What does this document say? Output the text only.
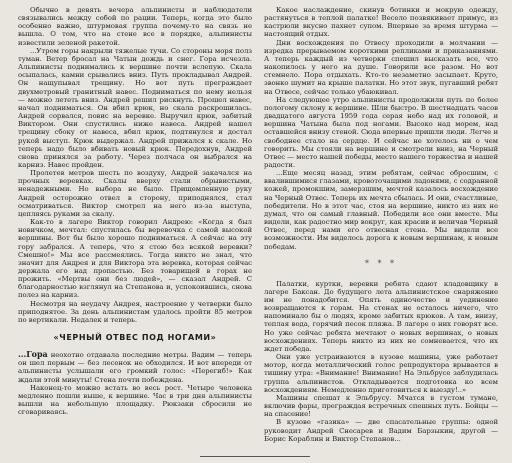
Обычно в девять вечера альпинисты и наблюдатели связывались между собой по рации. Теперь, когда это было особенно важно, штурмовая группа почему-то на связь не вышла. О том, что на стене все в порядке, альпинисты известили зеленой ракетой.

...Утром горы накрыли тяжелые тучи. Со стороны моря полз туман. Ветер бросал на Чатын дождь и снег. Гора исчезла. Альпинисты поднимались к вершине почти вслепую. Скала осыпалась, камни срывались вниз. Путь прокладывал Андрей. Он нащупывал трещину. Но вот путь преграждает двухметровый гранитный навес. Подниматься по нему нельзя — можно лететь вниз. Андрей решил рискнуть. Прошел навес, начал подниматься. Он вбил крюк, но скала раскрошилась. Андрей сорвался, повис на веревке. Выручил крюк, забитый Виктором. Они спустились ниже навеса. Андрей нашел трещину сбоку от навеса, вбил крюк, подтянулся и достал рукой выступ. Крюк выдержал. Андрей прижался к скале. Но теперь надо было вбивать новый крюк. Передохнув, Андрей снова принялся за работу. Через полчаса он выбрался на карниз. Навес пройден.

Пролетев метров шесть по воздуху, Андрей закачался на прочных веревках. Скалы вверху стали обрывистыми, ненадежными. Но выбора не было. Прищемленную руку Андрей осторожно отвел в сторону, приподнялся, стал осматриваться. Виктор смотрел на него из-за выступа, цепляясь руками за скалу.

Как-то в лагере Виктор говорил Андрею: «Когда я был новичком, мечтал: спустилась бы веревочка с самой высокой вершины. Вот бы было хорошо подниматься. А сейчас на эту гору забрался. А теперь, что я стою без всякой веревки? Смешно!» Мы все рассмеялись. Тогда никто не знал, что значит для Андрея и для Виктора эта веревка, которая сейчас держала его над пропастью. Без товарищей в горах не прожить. «Мертвы они без людей», — сказал Андрей. С благодарностью взглянул на Степанова и, успокоившись, снова полез на карниз.

Несмотря на неудачу Андрея, настроение у четверки было приподнятое. За день альпинистам удалось пройти 85 метров по вертикали. Недалек и теперь.

«ЧЕРНЫЙ ОТВЕС ПОД НОГАМИ»

...Гора неохотно отдавала последние метры. Вадим — теперь он шел первым — без лесенок не обходился. И вот впереди от альпинисты услышали его громкий голос: «Перегиб!» Как ждали этой минуты! Стена почти побеждена.

Наконец-то можно встать во весь рост. Четыре человека медленно пошли выше, к вершине. Час в три дня альпинисты вышли на небольшую площадку. Рюкзаки сбросили не сговариваясь.

Какое наслаждение, скинув ботинки и мокрую одежду, растянуться в теплой палатке! Весело позвякивает примус, из кастрюли вкусно пахнет супом. Впервые за время штурма — настоящий отдых.

Дни восхождения по Отвесу проходили в молчании — изредка прерываемом короткими репликами и приказаниями. А теперь каждый из четверки спешил высказать все, что накопилось у него на душе. Говорили все разом. Но вот стемнело. Пора отдыхать. Кто-то незаметно засыпает. Круто, звонко шумит на крыше палатки. Но этот звук, пугавший ребят на Отвесе, сейчас только убаюкивал.

На следующее утро альпинисты продолжили путь по более пологому склону к вершине. Шли быстро. В шестнадцать часов двадцатого августа 1959 года серая небо над их головой, и вершина Чатына была под ногами. Высоко над морем, над оставшейся внизу стеной. Сюда впервые пришли люди. Легче и свободнее стало на сердце. И сейчас не хотелось ни о чем говорить. Мы стояли на вершине и смотрели вниз, на Черный Отвес — место нашей победы, место нашего торжества и нашей радости.

...Еще месяц назад, этим ребятам, сейчас обросшим, с ввалившимися глазами, кровоточащими ладонями, с содранной кожей, промокшим, замерзшим, мечтой казалось восхождение на Черный Отвес. Теперь их мечта сбылась. И они, счастливые, победители. Но в этот час, стоя на вершине, никто из них не думал, что он самый главный. Победили все они вместе. Мы видели, как радостно мир вокруг, как красив и величав Черный Отвес, перед нами его отвесная стена. Мы видели все возможности. Им виделось дорога к новым вершинам, к новым победам.

* * *

Палатки, куртки, веревки ребята сдают кладовщику в лагере Баксан. До будущего лета альпинистское снаряжение им не понадобится. Опять одиночество и уединение возвращаются к горам. На стенах не осталось ничего, что напоминало бы о людях, кроме забитых крюков. А там, внизу, теплая вода, горячий песок пляжа. В лагере о них говорят все. Но уже сейчас ребята мечтают о новых вершинах, о новых восхождениях. Теперь никто из них не сомневается, что их ждет победа.

Они уже устраиваются в кузове машины, уже работает мотор, когда металлический голос репродуктора врывается в тишину утра: «Внимание! Внимание! На Эльбрусе заблудилась группа альпинистов. Откладывается подготовка ко всем восхождениям. Немедленно приготовиться к выезду!..»

Машины спешат к Эльбрусу. Мчатся в густом тумане, включив фары, преграждая встречных спешных путь. Бойцы — на спасение!

В кузове «газика» — две спасательные группы: одной руководит Андрей Снесарев и Вадим Барзыкин, другой — Борис Кораблин и Виктор Степанов...
